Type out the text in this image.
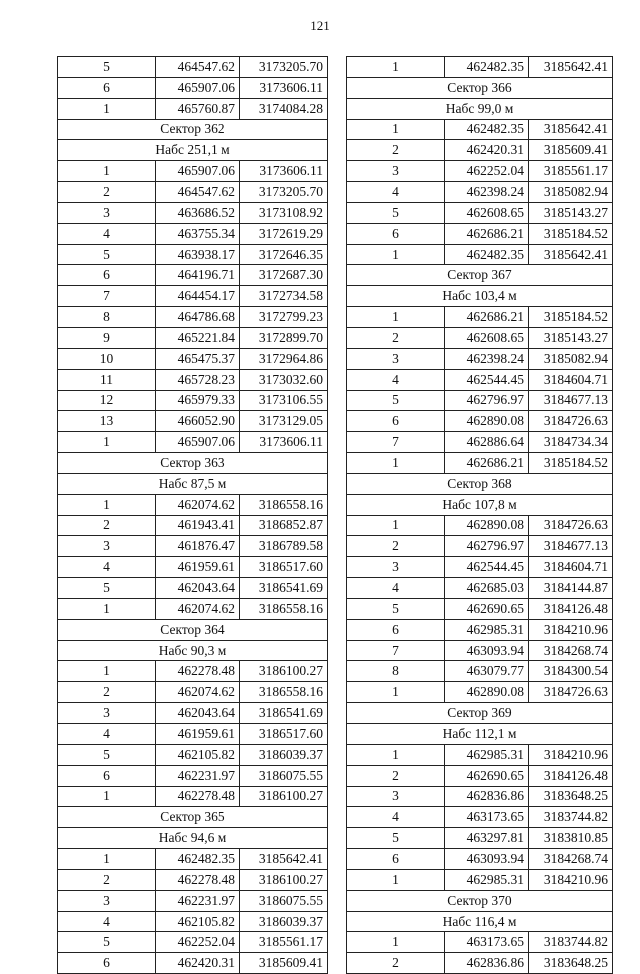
121
5	464547.62	3173205.70
6	465907.06	3173606.11
1	465760.87	3174084.28
Сектор 362		
Набс 251,1 м		
1	465907.06	3173606.11
2	464547.62	3173205.70
3	463686.52	3173108.92
4	463755.34	3172619.29
5	463938.17	3172646.35
6	464196.71	3172687.30
7	464454.17	3172734.58
8	464786.68	3172799.23
9	465221.84	3172899.70
10	465475.37	3172964.86
11	465728.23	3173032.60
12	465979.33	3173106.55
13	466052.90	3173129.05
1	465907.06	3173606.11
Сектор 363		
Набс 87,5 м		
1	462074.62	3186558.16
2	461943.41	3186852.87
3	461876.47	3186789.58
4	461959.61	3186517.60
5	462043.64	3186541.69
1	462074.62	3186558.16
Сектор 364		
Набс 90,3 м		
1	462278.48	3186100.27
2	462074.62	3186558.16
3	462043.64	3186541.69
4	461959.61	3186517.60
5	462105.82	3186039.37
6	462231.97	3186075.55
1	462278.48	3186100.27
Сектор 365		
Набс 94,6 м		
1	462482.35	3185642.41
2	462278.48	3186100.27
3	462231.97	3186075.55
4	462105.82	3186039.37
5	462252.04	3185561.17
6	462420.31	3185609.41
1	462482.35	3185642.41
Сектор 366		
Набс 99,0 м		
1	462482.35	3185642.41
2	462420.31	3185609.41
3	462252.04	3185561.17
4	462398.24	3185082.94
5	462608.65	3185143.27
6	462686.21	3185184.52
1	462482.35	3185642.41
Сектор 367		
Набс 103,4 м		
1	462686.21	3185184.52
2	462608.65	3185143.27
3	462398.24	3185082.94
4	462544.45	3184604.71
5	462796.97	3184677.13
6	462890.08	3184726.63
7	462886.64	3184734.34
1	462686.21	3185184.52
Сектор 368		
Набс 107,8 м		
1	462890.08	3184726.63
2	462796.97	3184677.13
3	462544.45	3184604.71
4	462685.03	3184144.87
5	462690.65	3184126.48
6	462985.31	3184210.96
7	463093.94	3184268.74
8	463079.77	3184300.54
1	462890.08	3184726.63
Сектор 369		
Набс 112,1 м		
1	462985.31	3184210.96
2	462690.65	3184126.48
3	462836.86	3183648.25
4	463173.65	3183744.82
5	463297.81	3183810.85
6	463093.94	3184268.74
1	462985.31	3184210.96
Сектор 370		
Набс 116,4 м		
1	463173.65	3183744.82
2	462836.86	3183648.25
